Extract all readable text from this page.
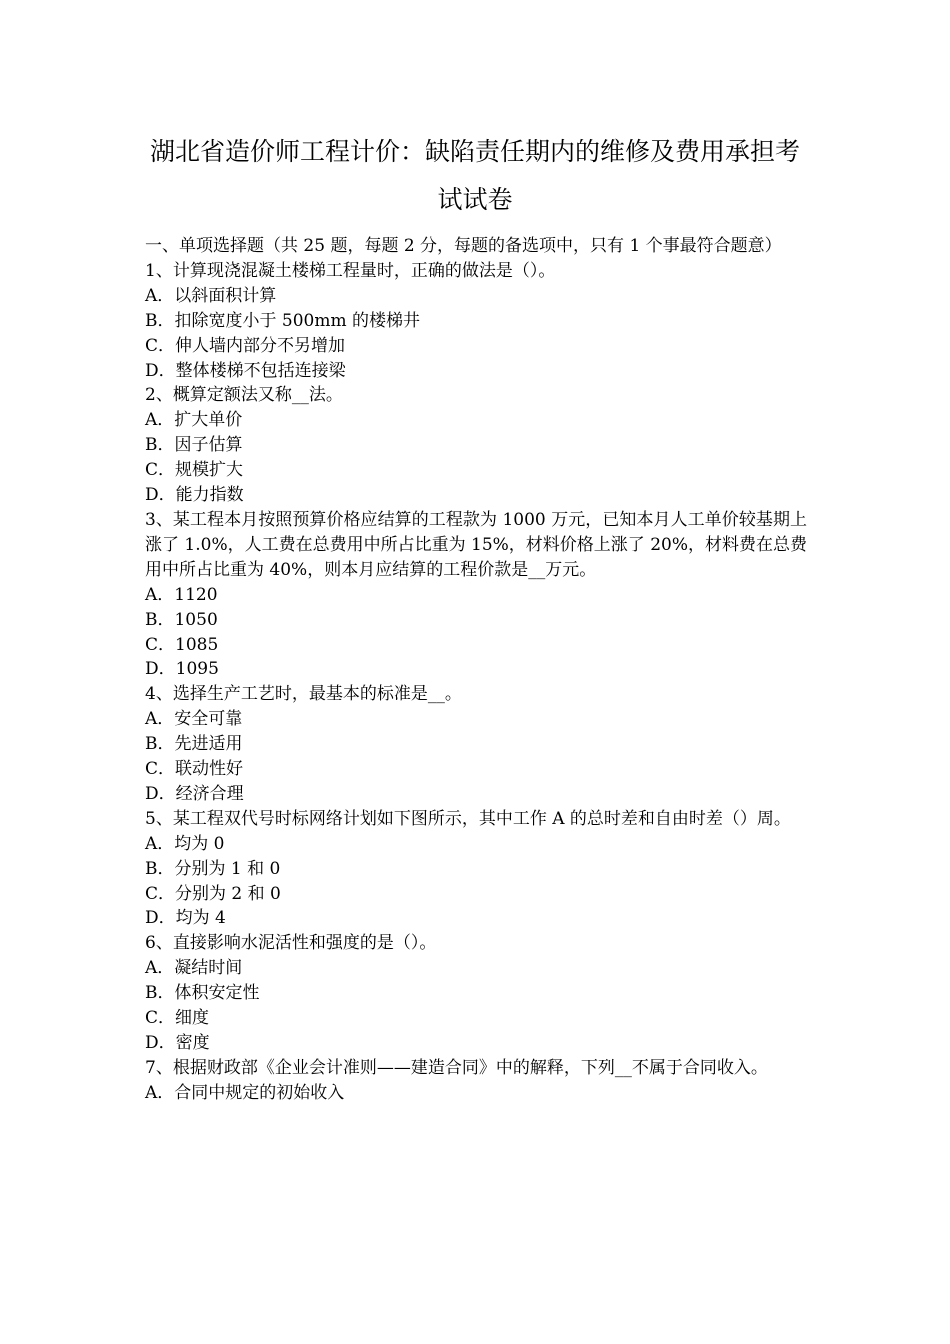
湖北省造价师工程计价：缺陷责任期内的维修及费用承担考
试试卷
一、单项选择题（共 25 题，每题 2 分，每题的备选项中，只有 1 个事最符合题意）
1、计算现浇混凝土楼梯工程量时，正确的做法是（）。
A．以斜面积计算
B．扣除宽度小于 500mm 的楼梯井
C．伸人墙内部分不另增加
D．整体楼梯不包括连接梁
2、概算定额法又称__法。
A．扩大单价
B．因子估算
C．规模扩大
D．能力指数
3、某工程本月按照预算价格应结算的工程款为 1000 万元，已知本月人工单价较基期上涨了 1.0%，人工费在总费用中所占比重为 15%，材料价格上涨了 20%，材料费在总费用中所占比重为 40%，则本月应结算的工程价款是__万元。
A．1120
B．1050
C．1085
D．1095
4、选择生产工艺时，最基本的标准是__。
A．安全可靠
B．先进适用
C．联动性好
D．经济合理
5、某工程双代号时标网络计划如下图所示，其中工作 A 的总时差和自由时差（）周。
A．均为 0
B．分别为 1 和 0
C．分别为 2 和 0
D．均为 4
6、直接影响水泥活性和强度的是（）。
A．凝结时间
B．体积安定性
C．细度
D．密度
7、根据财政部《企业会计准则——建造合同》中的解释，下列__不属于合同收入。
A．合同中规定的初始收入
